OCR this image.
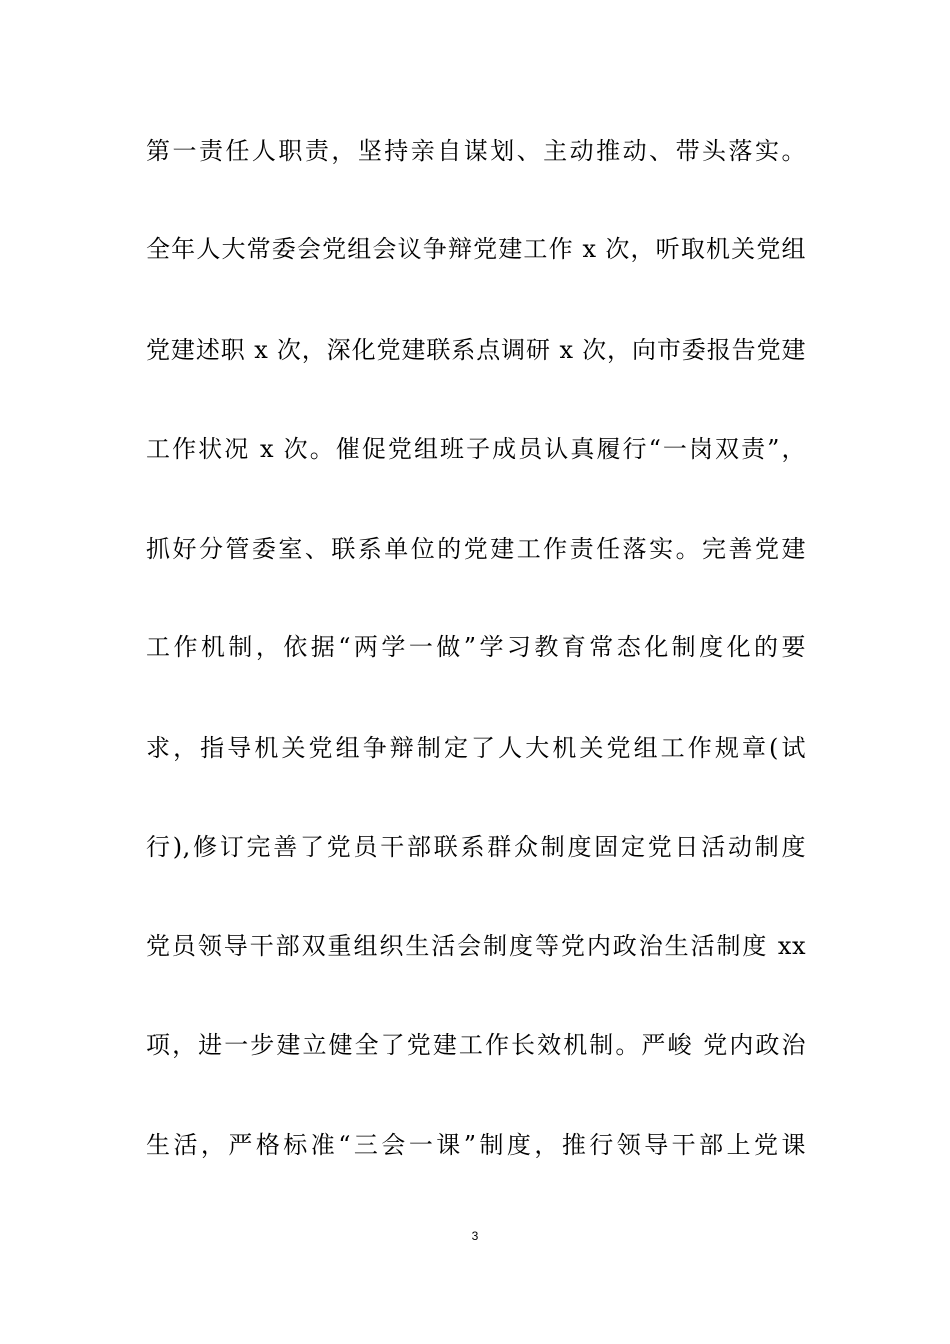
第一责任人职责，坚持亲自谋划、主动推动、带头落实。
全年人大常委会党组会议争辩党建工作 x 次，听取机关党组
党建述职 x 次，深化党建联系点调研 x 次，向市委报告党建
工作状况 x 次。催促党组班子成员认真履行“一岗双责”，
抓好分管委室、联系单位的党建工作责任落实。完善党建
工作机制，依据“两学一做”学习教育常态化制度化的要
求，指导机关党组争辩制定了人大机关党组工作规章(试
行),修订完善了党员干部联系群众制度固定党日活动制度
党员领导干部双重组织生活会制度等党内政治生活制度 xx
项，进一步建立健全了党建工作长效机制。严峻 党内政治
生活，严格标准“三会一课”制度，推行领导干部上党课
3
